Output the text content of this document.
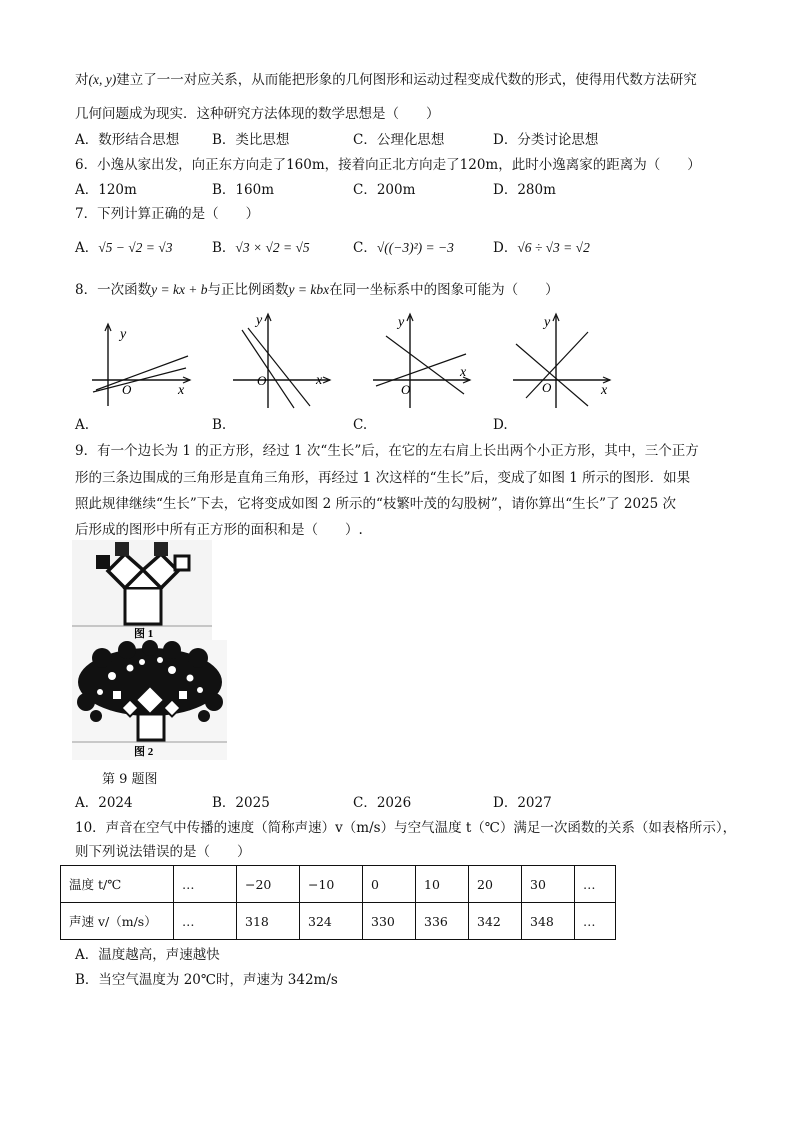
对(x, y)建立了一一对应关系，从而能把形象的几何图形和运动过程变成代数的形式，使得用代数方法研究
几何问题成为现实．这种研究方法体现的数学思想是（　　）
A．数形结合思想 B．类比思想	C．公理化思想	D．分类讨论思想
6．小逸从家出发，向正东方向走了160m，接着向正北方向走了120m，此时小逸离家的距离为（　　）
A．120m	B．160m	C．200m	D．280m
7．下列计算正确的是（　　）
A．√5 − √2 = √3	B．√3 × √2 = √5	C．√((−3)²) = −3	D．√6 ÷ √3 = √2
8．一次函数y = kx + b与正比例函数y = kbx在同一坐标系中的图象可能为（　　）
y
x
O
A.
y
x
O
B.
y
x
O
C.
y
x
O
D.
9．有一个边长为 1 的正方形，经过 1 次“生长”后，在它的左右肩上长出两个小正方形，其中，三个正方
形的三条边围成的三角形是直角三角形，再经过 1 次这样的“生长”后，变成了如图 1 所示的图形．如果
照此规律继续“生长”下去，它将变成如图 2 所示的“枝繁叶茂的勾股树”，请你算出“生长”了 2025 次
后形成的图形中所有正方形的面积和是（　　）.
图 1
图 2
第 9 题图
A．2024	B．2025	C．2026	D．2027
10．声音在空气中传播的速度（简称声速）v（m/s）与空气温度 t（℃）满足一次函数的关系（如表格所示），
则下列说法错误的是（　　）
温度 t/℃	…	−20	−10	0	10	20	30	…
声速 v/（m/s）	…	318	324	330	336	342	348	…
A．温度越高，声速越快
B．当空气温度为 20℃时，声速为 342m/s
